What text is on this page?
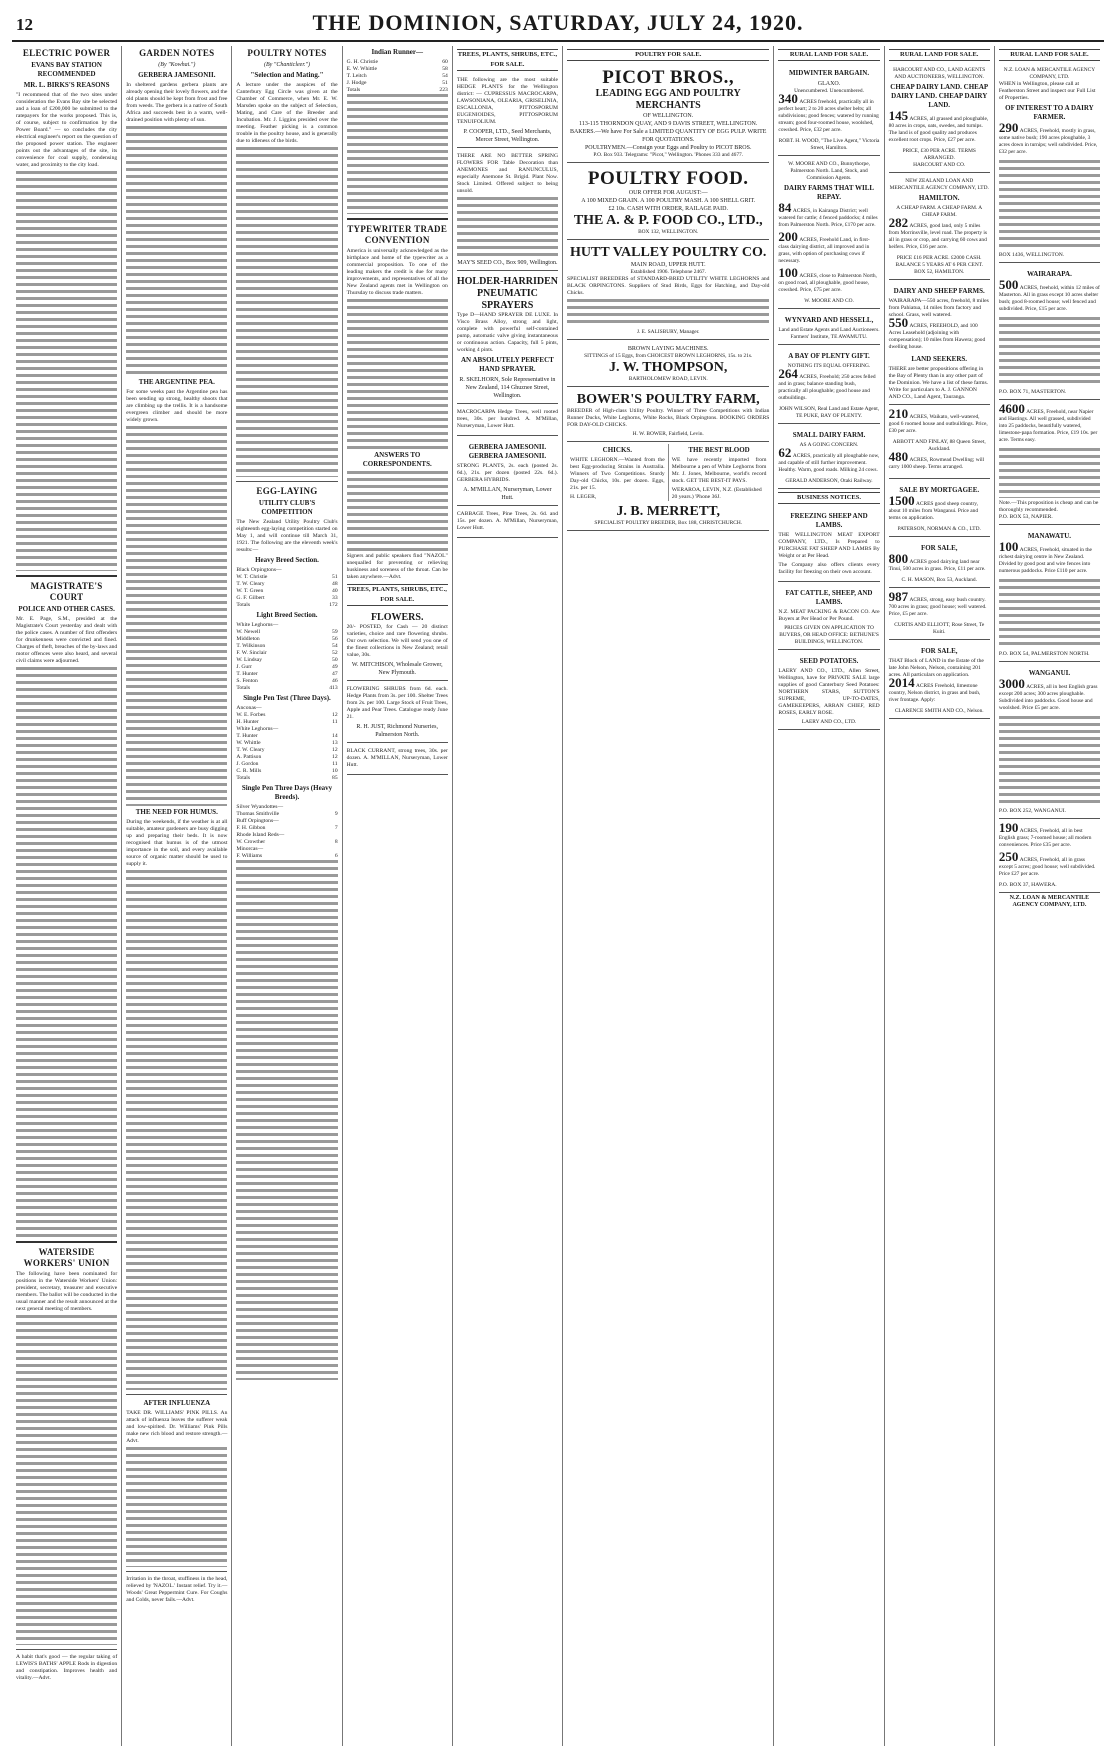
12	THE DOMINION, SATURDAY, JULY 24, 1920.
ELECTRIC POWER
EVANS BAY STATION RECOMMENDED
MR. L. BIRKS'S REASONS
"I recommend that of the two sites under consideration the Evans Bay site be selected and a loan of £200,000 be submitted to the ratepayers for the works proposed. This is, of course, subject to confirmation by the Power Board." — so concludes the city electrical engineer's report on the question of the proposed power station. The engineer points out the advantages of the site, its convenience for coal supply, condensing water, and proximity to the city load.
MAGISTRATE'S COURT
POLICE AND OTHER CASES.
Mr. E. Page, S.M., presided at the Magistrate's Court yesterday and dealt with the police cases. A number of first offenders for drunkenness were convicted and fined. Charges of theft, breaches of the by-laws and motor offences were also heard, and several civil claims were adjourned.
WATERSIDE WORKERS' UNION
The following have been nominated for positions in the Waterside Workers' Union: president, secretary, treasurer and executive members. The ballot will be conducted in the usual manner and the result announced at the next general meeting of members.
A habit that's good — the regular taking of LEWIS'S BATHS' APPLE Rods in digestion and constipation. Improves health and vitality.—Advt.
GARDEN NOTES
(By "Kowhai.")
GERBERA JAMESONII.
In sheltered gardens gerbera plants are already opening their lovely flowers, and the old plants should be kept from frost and free from weeds. The gerbera is a native of South Africa and succeeds best in a warm, well-drained position with plenty of sun.
THE ARGENTINE PEA.
For some weeks past the Argentine pea has been sending up strong, healthy shoots that are climbing up the trellis. It is a handsome evergreen climber and should be more widely grown.
THE NEED FOR HUMUS.
During the weekends, if the weather is at all suitable, amateur gardeners are busy digging up and preparing their beds. It is now recognised that humus is of the utmost importance in the soil, and every available source of organic matter should be used to supply it.
AFTER INFLUENZA
TAKE DR. WILLIAMS' PINK PILLS. An attack of influenza leaves the sufferer weak and low-spirited. Dr. Williams' Pink Pills make new rich blood and restore strength.—Advt.
Irritation in the throat, stuffiness in the head, relieved by 'NAZOL.' Instant relief. Try it.—Woods' Great Peppermint Cure. For Coughs and Colds, never fails.—Advt.
POULTRY NOTES
(By "Chanticleer.")
"Selection and Mating."
A lecture under the auspices of the Canterbury Egg Circle was given at the Chamber of Commerce, when Mr. E. W. Marsden spoke on the subject of Selection, Mating, and Care of the Breeder and Incubation. Mr. J. Liggins presided over the meeting. Feather picking is a common trouble in the poultry house, and is generally due to idleness of the birds.
EGG-LAYING
UTILITY CLUB'S COMPETITION
The New Zealand Utility Poultry Club's eighteenth egg-laying competition started on May 1, and will continue till March 31, 1921. The following are the eleventh week's results:—
Heavy Breed Section.
Black Orpingtons—
W. T. Christie	51
T. W. Cleary	48
W. T. Green	40
G. F. Gilbert	33
Totals	172
Light Breed Section.
White Leghorns—
W. Newell	59
Middleton	56
T. Wilkinson	54
F. W. Sinclair	52
W. Lindsay	50
J. Gurr	49
T. Hunter	47
S. Fenton	46
Totals	413
Single Pen Test (Three Days).
Anconas—
W. E. Forbes	12
H. Hunter	11
White Leghorns—
T. Hunter	14
W. Whittle	13
T. W. Cleary	12
A. Pattison	12
J. Gordon	11
C. R. Mills	10
Totals	85
Single Pen Three Days (Heavy Breeds).
Silver Wyandottes—
Thomas Smithville	9
Buff Orpingtons—
F. H. Gibbon	7
Rhode Island Reds—
W. Crowther	8
Minorcas—
F. Williams	6
Indian Runner—
G. H. Christie	60
E. W. Whittle	58
T. Leitch	54
J. Hodge	51
Totals	223
TYPEWRITER TRADE CONVENTION
America is universally acknowledged as the birthplace and home of the typewriter as a commercial proposition. To one of the leading makers the credit is due for many improvements, and representatives of all the New Zealand agents met in Wellington on Thursday to discuss trade matters.
ANSWERS TO CORRESPONDENTS.
Signers and public speakers find "NAZOL" unequalled for preventing or relieving huskiness and soreness of the throat. Can be taken anywhere.—Advt.
TREES, PLANTS, SHRUBS, ETC., FOR SALE.
FLOWERS.
20/- POSTED, for Cash — 20 distinct varieties, choice and rare flowering shrubs. Our own selection. We will send you one of the finest collections in New Zealand; retail value, 30s.
W. MITCHISON, Wholesale Grower, New Plymouth.
FLOWERING SHRUBS from 6d. each. Hedge Plants from 3s. per 100. Shelter Trees from 2s. per 100. Large Stock of Fruit Trees, Apple and Pear Trees. Catalogue ready June 21.
R. H. JUST, Richmond Nurseries, Palmerston North.
BLACK CURRANT, strong trees, 30s. per dozen. A. M'MILLAN, Nurseryman, Lower Hutt.
TREES, PLANTS, SHRUBS, ETC., FOR SALE.
THE following are the most suitable HEDGE PLANTS for the Wellington district: — CUPRESSUS MACROCARPA, LAWSONIANA, OLEARIA, GRISELINIA, ESCALLONIA, PITTOSPORUM EUGENIOIDES, PITTOSPORUM TENUIFOLIUM.
P. COOPER, LTD., Seed Merchants, Mercer Street, Wellington.
THERE ARE NO BETTER SPRING FLOWERS FOR Table Decoration than ANEMONES and RANUNCULUS, especially Anemone St. Brigid. Plant Now. Stock Limited. Offered subject to being unsold.
MAY'S SEED CO., Box 909, Wellington.
HOLDER-HARRIDEN PNEUMATIC SPRAYERS
Type D—HAND SPRAYER DE LUXE. In Visco Brass Alloy, strong and light, complete with powerful self-contained pump, automatic valve giving instantaneous or continuous action. Capacity, full 5 pints, working 4 pints.
AN ABSOLUTELY PERFECT HAND SPRAYER.
R. SKELHORN, Sole Representative in New Zealand, 114 Ghuznee Street, Wellington.
MACROCARPA Hedge Trees, well rooted trees, 30s. per hundred. A. M'Millan, Nurseryman, Lower Hutt.
GERBERA JAMESONII. GERBERA JAMESONII.
STRONG PLANTS, 2s. each (posted 2s. 6d.), 21s. per dozen (posted 22s. 6d.). GERBERA HYBRIDS.
A. M'MILLAN, Nurseryman, Lower Hutt.
CABBAGE Trees, Pine Trees, 2s. 6d. and 15s. per dozen. A. M'Millan, Nurseryman, Lower Hutt.
POULTRY FOR SALE.
PICOT BROS.,
LEADING EGG AND POULTRY MERCHANTS
OF WELLINGTON.
113-115 THORNDON QUAY, AND 9 DAVIS STREET, WELLINGTON.
BAKERS.—We have For Sale a LIMITED QUANTITY OF EGG PULP. WRITE FOR QUOTATIONS.
POULTRYMEN.—Consign your Eggs and Poultry to PICOT BROS.
P.O. Box 933. Telegrams: "Picot," Wellington. 'Phones 333 and 4677.
POULTRY FOOD.
OUR OFFER FOR AUGUST:—
A 100 MIXED GRAIN. A 100 POULTRY MASH. A 100 SHELL GRIT.
£2 10s. CASH WITH ORDER, RAILAGE PAID.
THE A. & P. FOOD CO., LTD.,
BOX 132, WELLINGTON.
HUTT VALLEY POULTRY CO.
MAIN ROAD, UPPER HUTT.
Established 1906. Telephone 2467.
SPECIALIST BREEDERS of STANDARD-BRED UTILITY WHITE LEGHORNS and BLACK ORPINGTONS. Suppliers of Stud Birds, Eggs for Hatching, and Day-old Chicks.
J. E. SALISBURY, Manager.
BROWN LAYING MACHINES.
SITTINGS of 15 Eggs, from CHOICEST BROWN LEGHORNS, 15s. to 21s.
J. W. THOMPSON,
BARTHOLOMEW ROAD, LEVIN.
BOWER'S POULTRY FARM,
BREEDER of High-class Utility Poultry. Winner of Three Competitions with Indian Runner Ducks, White Leghorns, White Rocks, Black Orpingtons. BOOKING ORDERS FOR DAY-OLD CHICKS.
H. W. BOWER, Fairfield, Levin.
CHICKS.
WHITE LEGHORN.—Wanted from the best Egg-producing Strains in Australia. Winners of Two Competitions. Sturdy Day-old Chicks, 10s. per dozen. Eggs, 21s. per 15.
H. LEGER,
THE BEST BLOOD
WE have recently imported from Melbourne a pen of White Leghorns from Mr. J. Jones, Melbourne, world's record stock. GET THE BEST-IT PAYS.
WERAROA, LEVIN, N.Z. (Established 20 years.) 'Phone 36J.
J. B. MERRETT,
SPECIALIST POULTRY BREEDER, Box 188, CHRISTCHURCH.
RURAL LAND FOR SALE.
MIDWINTER BARGAIN.
GLAXO.
Unencumbered. Unencumbered.
340 ACRES freehold, practically all in perfect heart; 2 to 20 acres shelter belts; all subdivisions; good fences; watered by running stream; good four-roomed house, woolshed, cowshed. Price, £32 per acre.
ROBT. H. WOOD, "The Live Agent," Victoria Street, Hamilton.
W. MOORE AND CO., Bunnythorpe, Palmerston North. Land, Stock, and Commission Agents.
DAIRY FARMS THAT WILL REPAY.
84 ACRES, in Kairanga District; well watered for cattle; 4 fenced paddocks; 4 miles from Palmerston North. Price, £170 per acre.
200 ACRES, Freehold Land, in first-class dairying district, all improved and in grass, with option of purchasing cows if necessary.
100 ACRES, close to Palmerston North, on good road, all ploughable, good house, cowshed. Price, £75 per acre.
W. MOORE AND CO.
WYNYARD AND HESSELL,
Land and Estate Agents and Land Auctioneers. Farmers' Institute, TE AWAMUTU.
A BAY OF PLENTY GIFT.
NOTHING ITS EQUAL OFFERING.
264 ACRES, Freehold; 250 acres felled and in grass; balance standing bush, practically all ploughable; good house and outbuildings.
JOHN WILSON, Real Land and Estate Agent, TE PUKE, BAY OF PLENTY.
SMALL DAIRY FARM.
AS A GOING CONCERN.
62 ACRES, practically all ploughable now, and capable of still further improvement. Healthy. Warm, good roads. Milking 24 cows.
GERALD ANDERSON, Otaki Railway.
BUSINESS NOTICES.
FREEZING SHEEP AND LAMBS.
THE WELLINGTON MEAT EXPORT COMPANY, LTD., Is Prepared to PURCHASE FAT SHEEP AND LAMBS By Weight or at Per Head.
The Company also offers clients every facility for freezing on their own account.
FAT CATTLE, SHEEP, AND LAMBS.
N.Z. MEAT PACKING & BACON CO. Are Buyers at Per Head or Per Pound.
PRICES GIVEN ON APPLICATION TO BUYERS, OR HEAD OFFICE: BETHUNE'S BUILDINGS, WELLINGTON.
SEED POTATOES.
LAERY AND CO., LTD., Allen Street, Wellington, have for PRIVATE SALE large supplies of good Canterbury Seed Potatoes: NORTHERN STARS, SUTTON'S SUPREME, UP-TO-DATES, GAMEKEEPERS, ARRAN CHIEF, RED ROSES, EARLY ROSE.
LAERY AND CO., LTD.
RURAL LAND FOR SALE.
HARCOURT AND CO., LAND AGENTS AND AUCTIONEERS, WELLINGTON.
CHEAP DAIRY LAND. CHEAP DAIRY LAND. CHEAP DAIRY LAND.
145 ACRES, all grassed and ploughable, 80 acres in crops, oats, swedes, and turnips. The land is of good quality and produces excellent root crops. Price, £27 per acre.
PRICE, £30 PER ACRE. TERMS ARRANGED.
HARCOURT AND CO.
NEW ZEALAND LOAN AND MERCANTILE AGENCY COMPANY, LTD.
HAMILTON.
A CHEAP FARM. A CHEAP FARM. A CHEAP FARM.
282 ACRES, good land, only 5 miles from Morrinsville, level road. The property is all in grass or crop, and carrying 60 cows and heifers. Price, £16 per acre.
PRICE £16 PER ACRE. £2000 CASH. BALANCE 5 YEARS AT 6 PER CENT.
BOX 52, HAMILTON.
DAIRY AND SHEEP FARMS.
WAIRARAPA—550 acres, freehold, 8 miles from Pahiatua, 14 miles from factory and school. Grass, well watered.
550 ACRES, FREEHOLD, and 100 Acres Leasehold (adjoining with compensation); 10 miles from Hawera; good dwelling house.
LAND SEEKERS.
THERE are better propositions offering in the Bay of Plenty than in any other part of the Dominion. We have a list of these farms. Write for particulars to A. J. GANNON AND CO., Land Agent, Tauranga.
210 ACRES, Waikato, well-watered, good 6 roomed house and outbuildings. Price, £30 per acre.
ABBOTT AND FINLAY, 88 Queen Street, Auckland.
480 ACRES, Rowmead Dwelling; will carry 1000 sheep. Terms arranged.
SALE BY MORTGAGEE.
1500 ACRES good sheep country, about 10 miles from Wanganui. Price and terms on application.
PATERSON, NORMAN & CO., LTD.
FOR SALE,
800 ACRES good dairying land near Tinui, 500 acres in grass. Price, £11 per acre.
C. H. MASON, Box 53, Auckland.
987 ACRES, strong, easy bush country. 700 acres in grass; good house; well watered. Price, £5 per acre.
CURTIS AND ELLIOTT, Rose Street, Te Kuiti.
FOR SALE,
THAT Block of LAND in the Estate of the late John Nelson, Nelson, containing 201 acres. All particulars on application.
2014 ACRES Freehold, limestone country, Nelson district, in grass and bush, river frontage. Apply:
CLARENCE SMITH AND CO., Nelson.
RURAL LAND FOR SALE.
N.Z. LOAN & MERCANTILE AGENCY COMPANY, LTD.
WHEN in Wellington, please call at Featherston Street and inspect our Full List of Properties.
OF INTEREST TO A DAIRY FARMER.
290 ACRES, Freehold, mostly in grass, some native bush; 190 acres ploughable, 3 acres down in turnips; well subdivided. Price, £32 per acre.
BOX 1436, WELLINGTON.
WAIRARAPA.
500 ACRES, freehold, within 12 miles of Masterton. All in grass except 10 acres shelter bush; good 8-roomed house; well fenced and subdivided. Price, £15 per acre.
P.O. BOX 71, MASTERTON.
4600 ACRES, Freehold, near Napier and Hastings. All well grassed, subdivided into 25 paddocks, beautifully watered, limestone-papa formation. Price, £19 10s. per acre. Terms easy.
Note.—This proposition is cheap and can be thoroughly recommended.
P.O. BOX 53, NAPIER.
MANAWATU.
100 ACRES, Freehold, situated in the richest dairying centre in New Zealand. Divided by good post and wire fences into numerous paddocks. Price £110 per acre.
P.O. BOX 54, PALMERSTON NORTH.
WANGANUI.
3000 ACRES, all in best English grass except 200 acres; 300 acres ploughable. Subdivided into paddocks. Good house and woolshed. Price £5 per acre.
P.O. BOX 252, WANGANUI.
190 ACRES, Freehold, all in best English grass; 7-roomed house; all modern conveniences. Price £35 per acre.
250 ACRES, Freehold, all in grass except 5 acres; good house; well subdivided. Price £27 per acre.
P.O. BOX 37, HAWERA.
N.Z. LOAN & MERCANTILE AGENCY COMPANY, LTD.
